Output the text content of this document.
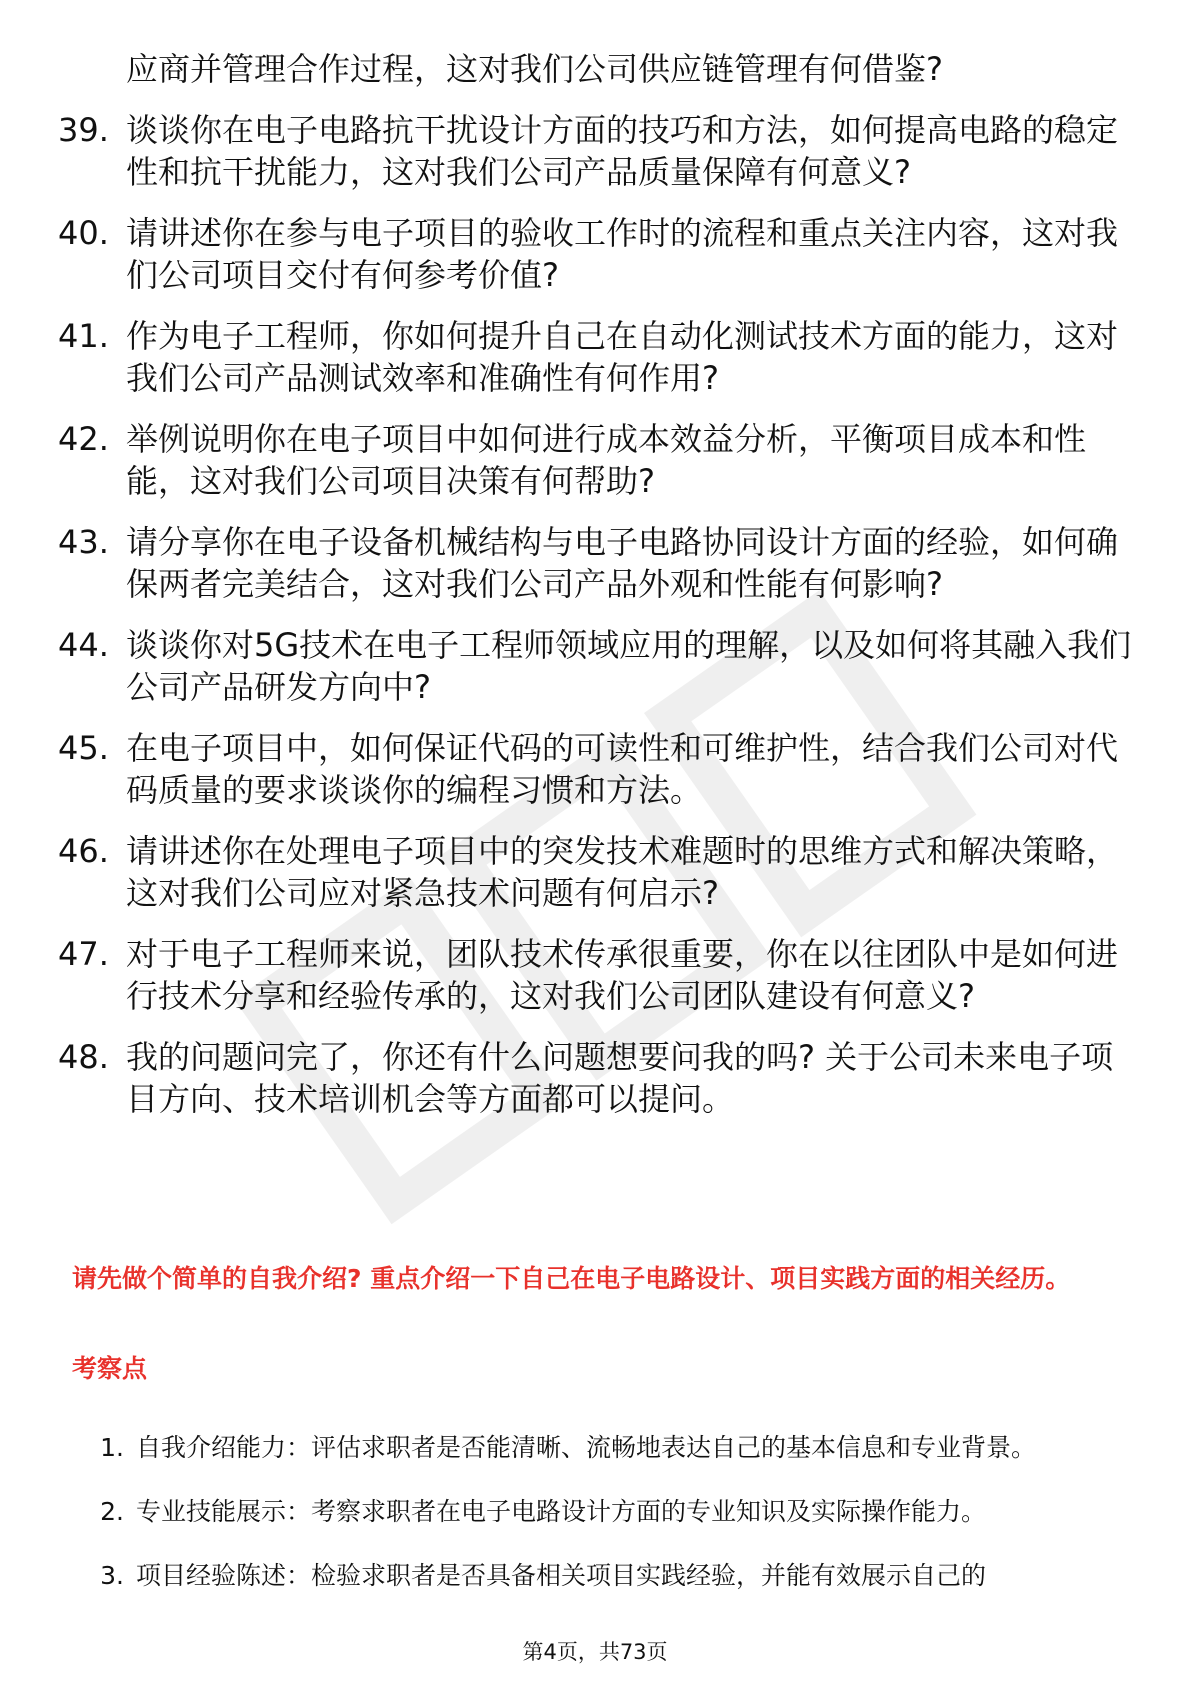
应商并管理合作过程，这对我们公司供应链管理有何借鉴?
39. 谈谈你在电子电路抗干扰设计方面的技巧和方法，如何提高电路的稳定性和抗干扰能力，这对我们公司产品质量保障有何意义?
40. 请讲述你在参与电子项目的验收工作时的流程和重点关注内容，这对我们公司项目交付有何参考价值?
41. 作为电子工程师，你如何提升自己在自动化测试技术方面的能力，这对我们公司产品测试效率和准确性有何作用?
42. 举例说明你在电子项目中如何进行成本效益分析，平衡项目成本和性能，这对我们公司项目决策有何帮助?
43. 请分享你在电子设备机械结构与电子电路协同设计方面的经验，如何确保两者完美结合，这对我们公司产品外观和性能有何影响?
44. 谈谈你对5G技术在电子工程师领域应用的理解，以及如何将其融入我们公司产品研发方向中?
45. 在电子项目中，如何保证代码的可读性和可维护性，结合我们公司对代码质量的要求谈谈你的编程习惯和方法。
46. 请讲述你在处理电子项目中的突发技术难题时的思维方式和解决策略，这对我们公司应对紧急技术问题有何启示?
47. 对于电子工程师来说，团队技术传承很重要，你在以往团队中是如何进行技术分享和经验传承的，这对我们公司团队建设有何意义?
48. 我的问题问完了，你还有什么问题想要问我的吗? 关于公司未来电子项目方向、技术培训机会等方面都可以提问。
请先做个简单的自我介绍? 重点介绍一下自己在电子电路设计、项目实践方面的相关经历。
考察点
1. 自我介绍能力：评估求职者是否能清晰、流畅地表达自己的基本信息和专业背景。
2. 专业技能展示：考察求职者在电子电路设计方面的专业知识及实际操作能力。
3. 项目经验陈述：检验求职者是否具备相关项目实践经验，并能有效展示自己的
第4页，共73页
